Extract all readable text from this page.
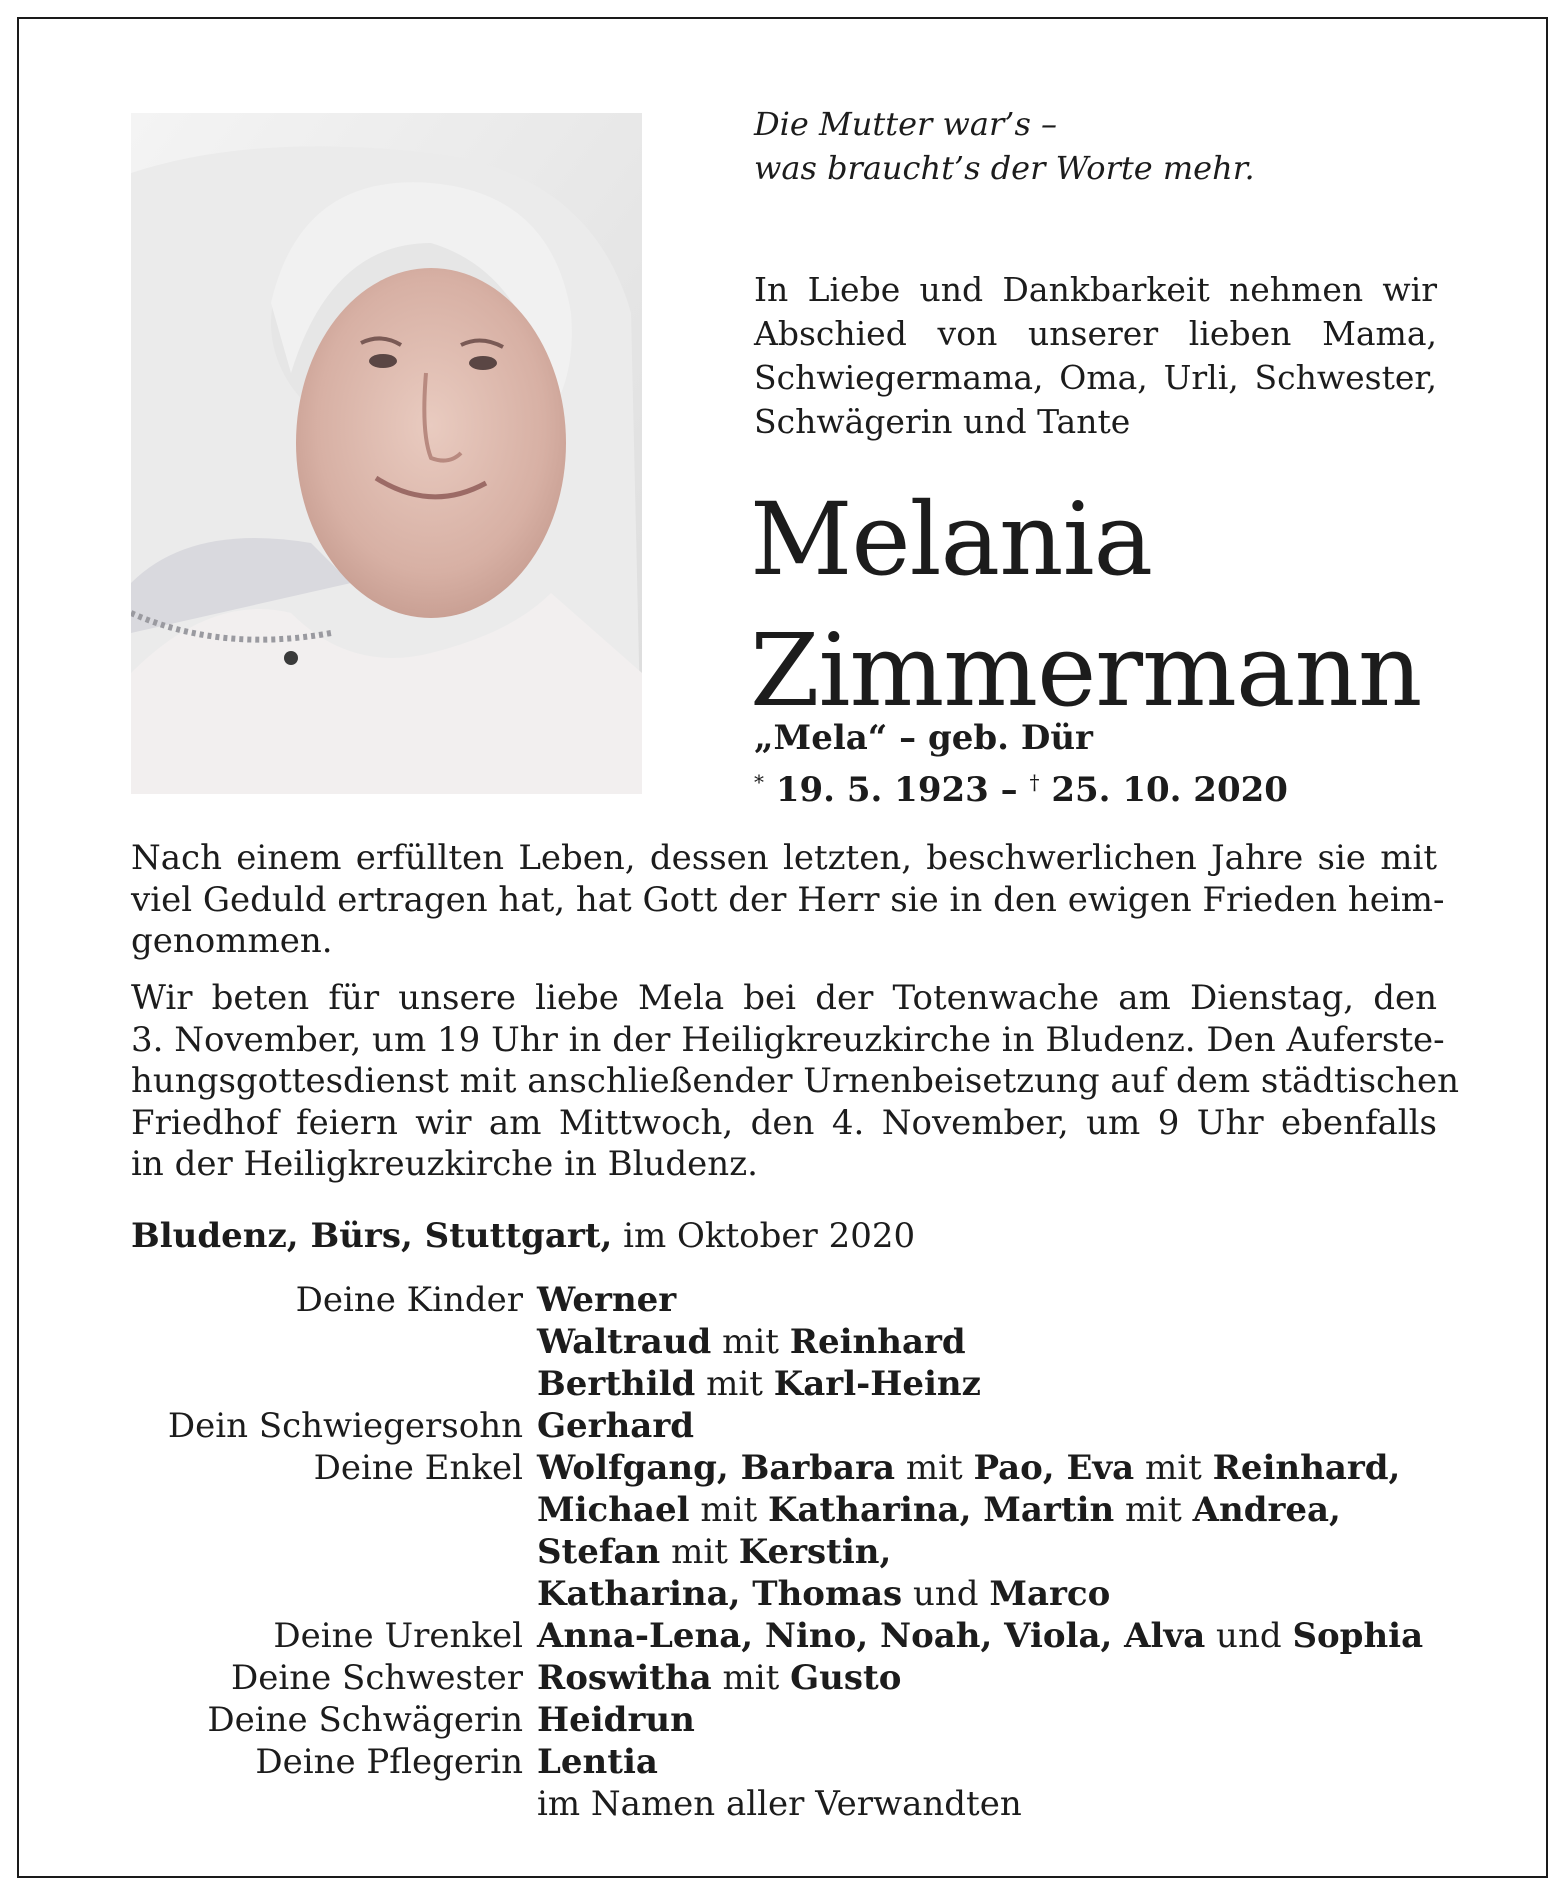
Die Mutter war’s –
was braucht’s der Worte mehr.
In Liebe und Dankbarkeit nehmen wir
Abschied von unserer lieben Mama,
Schwiegermama, Oma, Urli, Schwester,
Schwägerin und Tante
Melania
Zimmermann
„Mela“ – geb. Dür
* 19. 5. 1923 – † 25. 10. 2020
Nach einem erfüllten Leben, dessen letzten, beschwerlichen Jahre sie mit
viel Geduld ertragen hat, hat Gott der Herr sie in den ewigen Frieden heim-
genommen.
Wir beten für unsere liebe Mela bei der Totenwache am Dienstag, den
3. November, um 19 Uhr in der Heiligkreuzkirche in Bludenz. Den Auferste-
hungsgottesdienst mit anschließender Urnenbeisetzung auf dem städtischen
Friedhof feiern wir am Mittwoch, den 4. November, um 9 Uhr ebenfalls
in der Heiligkreuzkirche in Bludenz.
Bludenz, Bürs, Stuttgart, im Oktober 2020
Deine Kinder Werner
Waltraud mit Reinhard
Berthild mit Karl-Heinz
Dein Schwiegersohn Gerhard
Deine Enkel Wolfgang, Barbara mit Pao, Eva mit Reinhard,
Michael mit Katharina, Martin mit Andrea,
Stefan mit Kerstin,
Katharina, Thomas und Marco
Deine Urenkel Anna-Lena, Nino, Noah, Viola, Alva und Sophia
Deine Schwester Roswitha mit Gusto
Deine Schwägerin Heidrun
Deine Pflegerin Lentia
im Namen aller Verwandten
